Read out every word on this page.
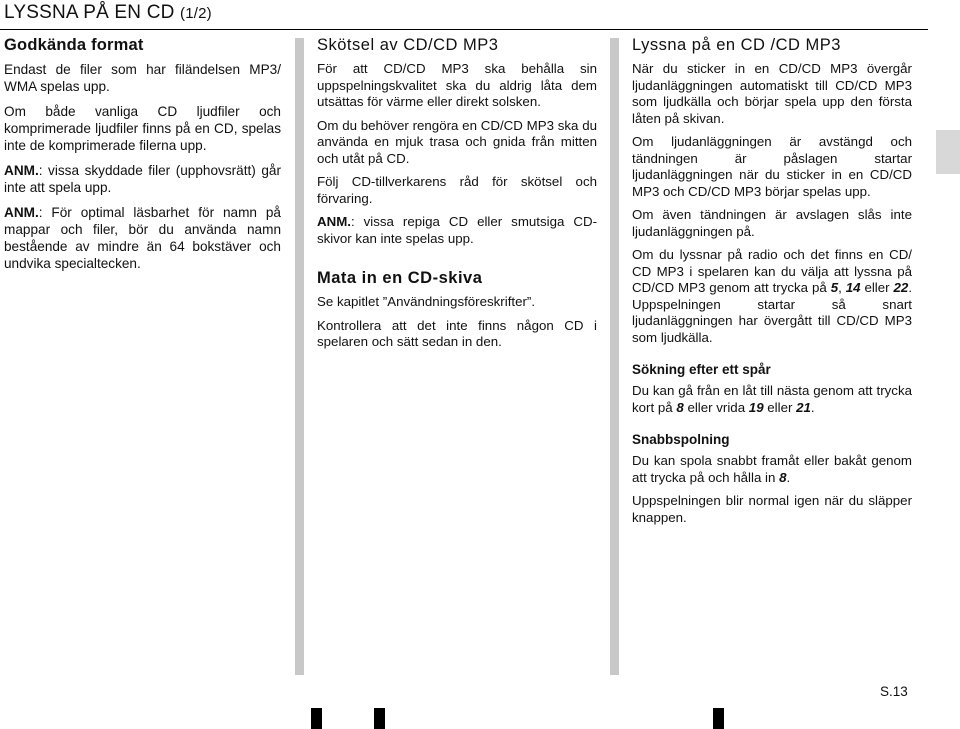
LYSSNA PÅ EN CD (1/2)
Godkända format

Endast de filer som har filändelsen MP3/ WMA spelas upp.

Om både vanliga CD ljudfiler och komprimerade ljudfiler finns på en CD, spelas inte de komprimerade filerna upp.

ANM.: vissa skyddade filer (upphovsrätt) går inte att spela upp.

ANM.: För optimal läsbarhet för namn på mappar och filer, bör du använda namn bestående av mindre än 64 bokstäver och undvika specialtecken.

Skötsel av CD/CD MP3

För att CD/CD MP3 ska behålla sin uppspelningskvalitet ska du aldrig låta dem utsättas för värme eller direkt solsken.

Om du behöver rengöra en CD/CD MP3 ska du använda en mjuk trasa och gnida från mitten och utåt på CD.

Följ CD-tillverkarens råd för skötsel och förvaring.

ANM.: vissa repiga CD eller smutsiga CD-skivor kan inte spelas upp.

Mata in en CD-skiva

Se kapitlet ”Användningsföreskrifter”.

Kontrollera att det inte finns någon CD i spelaren och sätt sedan in den.

Lyssna på en CD /CD MP3

När du sticker in en CD/CD MP3 övergår ljudanläggningen automatiskt till CD/CD MP3 som ljudkälla och börjar spela upp den första låten på skivan.

Om ljudanläggningen är avstängd och tändningen är påslagen startar ljudanläggningen när du sticker in en CD/CD MP3 och CD/CD MP3 börjar spelas upp.

Om även tändningen är avslagen slås inte ljudanläggningen på.

Om du lyssnar på radio och det finns en CD/ CD MP3 i spelaren kan du välja att lyssna på CD/CD MP3 genom att trycka på 5, 14 eller 22. Uppspelningen startar så snart ljudanläggningen har övergått till CD/CD MP3 som ljudkälla.

Sökning efter ett spår

Du kan gå från en låt till nästa genom att trycka kort på 8 eller vrida 19 eller 21.

Snabbspolning

Du kan spola snabbt framåt eller bakåt genom att trycka på och hålla in 8.

Uppspelningen blir normal igen när du släpper knappen.

S.13
